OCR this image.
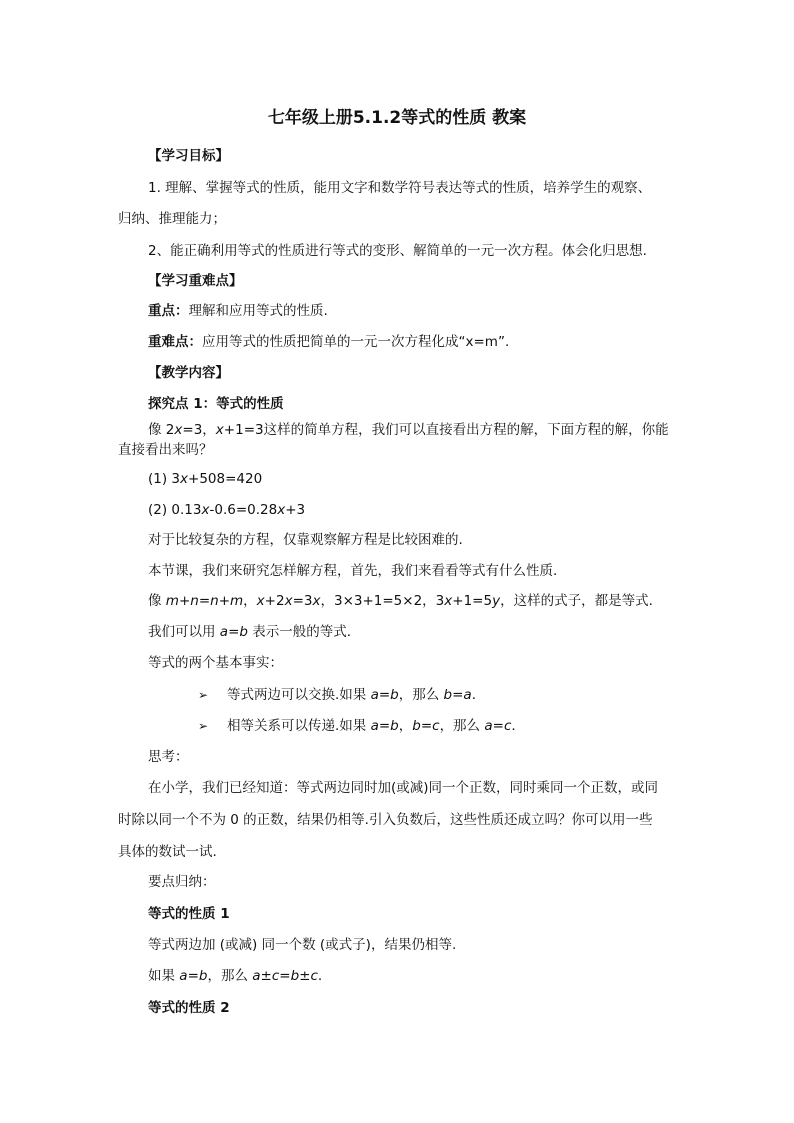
七年级上册5.1.2等式的性质 教案
【学习目标】
1. 理解、掌握等式的性质，能用文字和数学符号表达等式的性质，培养学生的观察、
归纳、推理能力；
2、能正确利用等式的性质进行等式的变形、解简单的一元一次方程。体会化归思想.
【学习重难点】
重点：理解和应用等式的性质.
重难点：应用等式的性质把简单的一元一次方程化成“x=m”.
【教学内容】
探究点 1：等式的性质
像 2x=3，x+1=3这样的简单方程，我们可以直接看出方程的解，下面方程的解，你能
直接看出来吗？
(1) 3x+508=420
(2) 0.13x-0.6=0.28x+3
对于比较复杂的方程，仅靠观察解方程是比较困难的.
本节课，我们来研究怎样解方程，首先，我们来看看等式有什么性质.
像 m+n=n+m，x+2x=3x，3×3+1=5×2，3x+1=5y，这样的式子，都是等式.
我们可以用 a=b 表示一般的等式.
等式的两个基本事实：
➢ 等式两边可以交换.如果 a=b，那么 b=a.
➢ 相等关系可以传递.如果 a=b，b=c，那么 a=c.
思考：
在小学，我们已经知道：等式两边同时加(或减)同一个正数，同时乘同一个正数，或同
时除以同一个不为 0 的正数，结果仍相等.引入负数后，这些性质还成立吗？你可以用一些
具体的数试一试.
要点归纳：
等式的性质 1
等式两边加 (或减) 同一个数 (或式子)，结果仍相等.
如果 a=b，那么 a±c=b±c.
等式的性质 2
